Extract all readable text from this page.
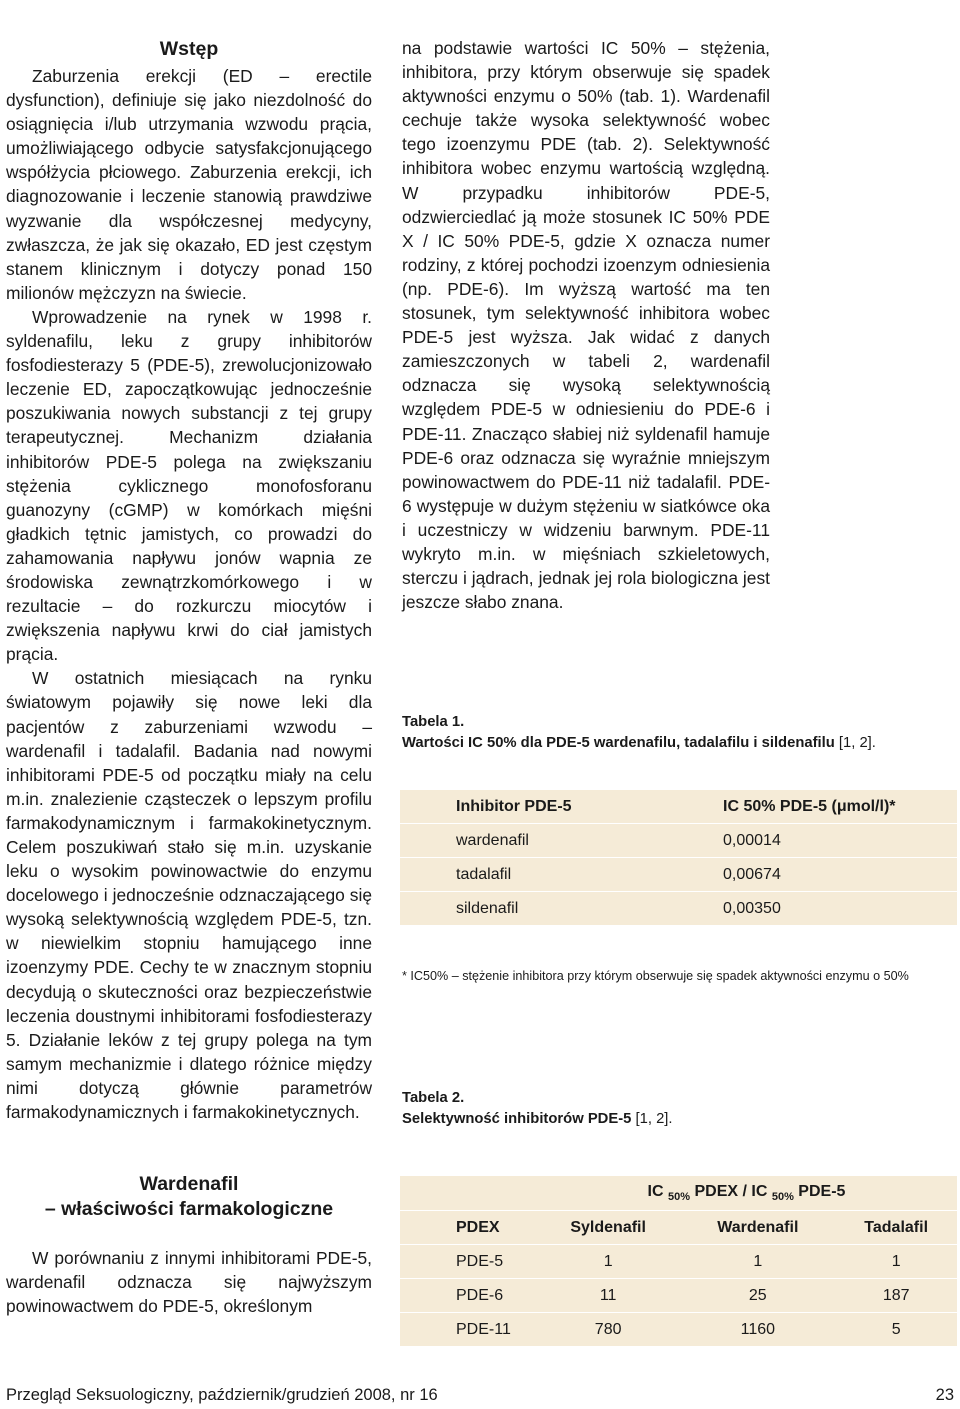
Wstęp

Zaburzenia erekcji (ED – erectile dysfunction), definiuje się jako niezdolność do osiągnięcia i/lub utrzymania wzwodu prącia, umożliwiającego odbycie satysfakcjonującego współżycia płciowego. Zaburzenia erekcji, ich diagnozowanie i leczenie stanowią prawdziwe wyzwanie dla współczesnej medycyny, zwłaszcza, że jak się okazało, ED jest częstym stanem klinicznym i dotyczy ponad 150 milionów mężczyzn na świecie.

Wprowadzenie na rynek w 1998 r. syldenafilu, leku z grupy inhibitorów fosfodiesterazy 5 (PDE-5), zrewolucjonizowało leczenie ED, zapoczątkowując jednocześnie poszukiwania nowych substancji z tej grupy terapeutycznej. Mechanizm działania inhibitorów PDE-5 polega na zwiększaniu stężenia cyklicznego monofosforanu guanozyny (cGMP) w komórkach mięśni gładkich tętnic jamistych, co prowadzi do zahamowania napływu jonów wapnia ze środowiska zewnątrzkomórkowego i w rezultacie – do rozkurczu miocytów i zwiększenia napływu krwi do ciał jamistych prącia.

W ostatnich miesiącach na rynku światowym pojawiły się nowe leki dla pacjentów z zaburzeniami wzwodu – wardenafil i tadalafil. Badania nad nowymi inhibitorami PDE-5 od początku miały na celu m.in. znalezienie cząsteczek o lepszym profilu farmakodynamicznym i farmakokinetycznym. Celem poszukiwań stało się m.in. uzyskanie leku o wysokim powinowactwie do enzymu docelowego i jednocześnie odznaczającego się wysoką selektywnością względem PDE-5, tzn. w niewielkim stopniu hamującego inne izoenzymy PDE. Cechy te w znacznym stopniu decydują o skuteczności oraz bezpieczeństwie leczenia doustnymi inhibitorami fosfodiesterazy 5. Działanie leków z tej grupy polega na tym samym mechanizmie i dlatego różnice między nimi dotyczą głównie parametrów farmakodynamicznych i farmakokinetycznych.

Wardenafil
– właściwości farmakologiczne

W porównaniu z innymi inhibitorami PDE-5, wardenafil odznacza się najwyższym powinowactwem do PDE-5, określonym

na podstawie wartości IC 50% – stężenia, inhibitora, przy którym obserwuje się spadek aktywności enzymu o 50% (tab. 1). Wardenafil cechuje także wysoka selektywność wobec tego izoenzymu PDE (tab. 2). Selektywność inhibitora wobec enzymu wartością względną. W przypadku inhibitorów PDE-5, odzwierciedlać ją może stosunek IC 50% PDE X / IC 50% PDE-5, gdzie X oznacza numer rodziny, z której pochodzi izoenzym odniesienia (np. PDE-6). Im wyższą wartość ma ten stosunek, tym selektywność inhibitora wobec PDE-5 jest wyższa. Jak widać z danych zamieszczonych w tabeli 2, wardenafil odznacza się wysoką selektywnością względem PDE-5 w odniesieniu do PDE-6 i PDE-11. Znacząco słabiej niż syldenafil hamuje PDE-6 oraz odznacza się wyraźnie mniejszym powinowactwem do PDE-11 niż tadalafil. PDE-6 występuje w dużym stężeniu w siatkówce oka i uczestniczy w widzeniu barwnym. PDE-11 wykryto m.in. w mięśniach szkieletowych, sterczu i jądrach, jednak jej rola biologiczna jest jeszcze słabo znana.

Tabela 1.
Wartości IC 50% dla PDE-5 wardenafilu, tadalafilu i sildenafilu [1, 2].
Inhibitor PDE-5	IC 50% PDE-5 (μmol/l)*
wardenafil	0,00014
tadalafil	0,00674
sildenafil	0,00350
* IC50% – stężenie inhibitora przy którym obserwuje się spadek aktywności enzymu o 50%
Tabela 2.
Selektywność inhibitorów PDE-5 [1, 2].
	IC $_{50\%}$ PDEX / IC $_{50\%}$ PDE-5		
PDEX	Syldenafil	Wardenafil	Tadalafil
PDE-5	1	1	1
PDE-6	11	25	187
PDE-11	780	1160	5
Przegląd Seksuologiczny, październik/grudzień 2008, nr 16	23
